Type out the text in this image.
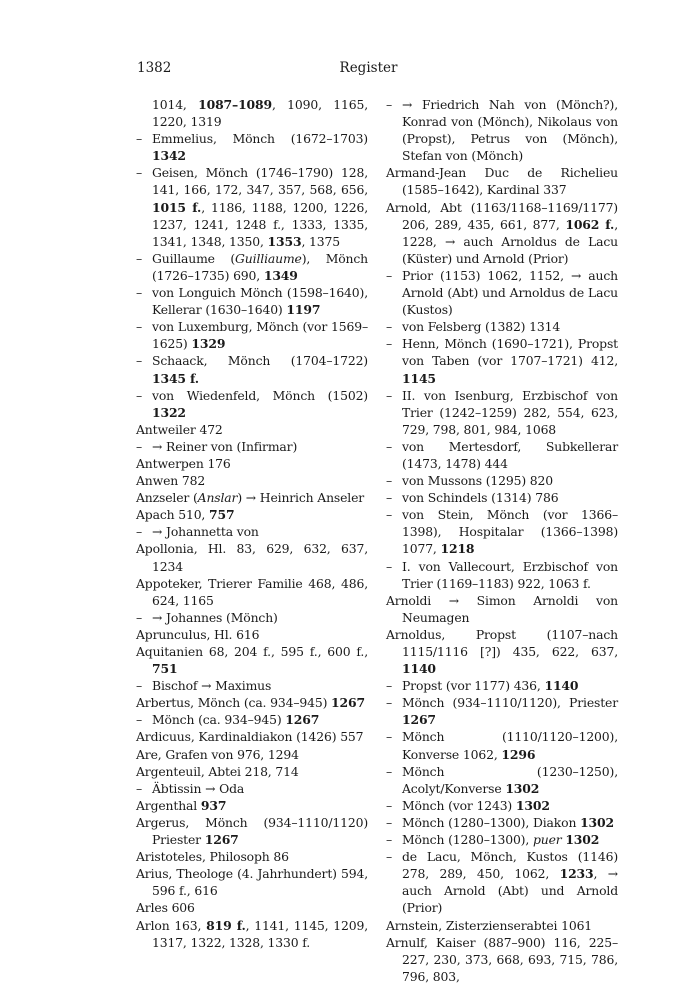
1382	Register
1014, 1087–1089, 1090, 1165, 1220, 1319
– Emmelius, Mönch (1672–1703) 1342
– Geisen, Mönch (1746–1790) 128, 141, 166, 172, 347, 357, 568, 656, 1015 f., 1186, 1188, 1200, 1226, 1237, 1241, 1248 f., 1333, 1335, 1341, 1348, 1350, 1353, 1375
– Guillaume (Guilliaume), Mönch (1726–1735) 690, 1349
– von Longuich Mönch (1598–1640), Kellerar (1630–1640) 1197
– von Luxemburg, Mönch (vor 1569–1625) 1329
– Schaack, Mönch (1704–1722) 1345 f.
– von Wiedenfeld, Mönch (1502) 1322
Antweiler 472
– → Reiner von (Infirmar)
Antwerpen 176
Anwen 782
Anzseler (Anslar) → Heinrich Anseler
Apach 510, 757
– → Johannetta von
Apollonia, Hl. 83, 629, 632, 637, 1234
Appoteker, Trierer Familie 468, 486, 624, 1165
– → Johannes (Mönch)
Aprunculus, Hl. 616
Aquitanien 68, 204 f., 595 f., 600 f., 751
– Bischof → Maximus
Arbertus, Mönch (ca. 934–945) 1267
– Mönch (ca. 934–945) 1267
Ardicuus, Kardinaldiakon (1426) 557
Are, Grafen von 976, 1294
Argenteuil, Abtei 218, 714
– Äbtissin → Oda
Argenthal 937
Argerus, Mönch (934–1110/1120) Priester 1267
Aristoteles, Philosoph 86
Arius, Theologe (4. Jahrhundert) 594, 596 f., 616
Arles 606
Arlon 163, 819 f., 1141, 1145, 1209, 1317, 1322, 1328, 1330 f.
– → Friedrich Nah von (Mönch?), Konrad von (Mönch), Nikolaus von (Propst), Petrus von (Mönch), Stefan von (Mönch)
Armand-Jean Duc de Richelieu (1585–1642), Kardinal 337
Arnold, Abt (1163/1168–1169/1177) 206, 289, 435, 661, 877, 1062 f., 1228, → auch Arnoldus de Lacu (Küster) und Arnold (Prior)
– Prior (1153) 1062, 1152, → auch Arnold (Abt) und Arnoldus de Lacu (Kustos)
– von Felsberg (1382) 1314
– Henn, Mönch (1690–1721), Propst von Taben (vor 1707–1721) 412, 1145
– II. von Isenburg, Erzbischof von Trier (1242–1259) 282, 554, 623, 729, 798, 801, 984, 1068
– von Mertesdorf, Subkellerar (1473, 1478) 444
– von Mussons (1295) 820
– von Schindels (1314) 786
– von Stein, Mönch (vor 1366–1398), Hospitalar (1366–1398) 1077, 1218
– I. von Vallecourt, Erzbischof von Trier (1169–1183) 922, 1063 f.
Arnoldi → Simon Arnoldi von Neumagen
Arnoldus, Propst (1107–nach 1115/1116 [?]) 435, 622, 637, 1140
– Propst (vor 1177) 436, 1140
– Mönch (934–1110/1120), Priester 1267
– Mönch (1110/1120–1200), Konverse 1062, 1296
– Mönch (1230–1250), Acolyt/Konverse 1302
– Mönch (vor 1243) 1302
– Mönch (1280–1300), Diakon 1302
– Mönch (1280–1300), puer 1302
– de Lacu, Mönch, Kustos (1146) 278, 289, 450, 1062, 1233, → auch Arnold (Abt) und Arnold (Prior)
Arnstein, Zisterzienserabtei 1061
Arnulf, Kaiser (887–900) 116, 225–227, 230, 373, 668, 693, 715, 786, 796, 803,
